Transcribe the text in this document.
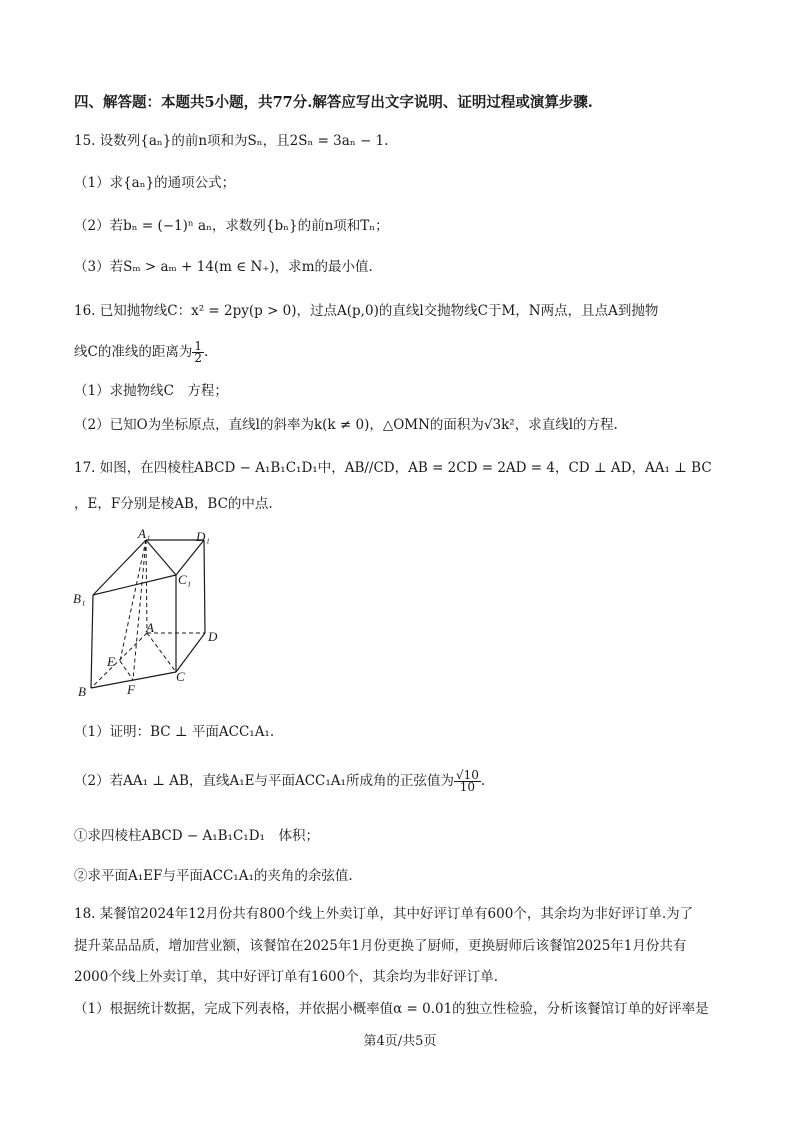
四、解答题：本题共5小题，共77分.解答应写出文字说明、证明过程或演算步骤.
15. 设数列{aₙ}的前n项和为Sₙ，且2Sₙ = 3aₙ − 1.
（1）求{aₙ}的通项公式；
（2）若bₙ = (−1)ⁿ aₙ，求数列{bₙ}的前n项和Tₙ；
（3）若Sₘ > aₘ + 14(m ∈ N₊)，求m的最小值.
16. 已知抛物线C：x² = 2py(p > 0)，过点A(p,0)的直线l交抛物线C于M，N两点，且点A到抛物
线C的准线的距离为 $\frac{1}{2}$ .
（1）求抛物线C　方程；
（2）已知O为坐标原点，直线l的斜率为k(k ≠ 0)，△OMN的面积为√3k²，求直线l的方程.
17. 如图，在四棱柱ABCD − A₁B₁C₁D₁中，AB//CD，AB = 2CD = 2AD = 4，CD ⊥ AD，AA₁ ⊥ BC
，E，F分别是棱AB，BC的中点.
A₁	D₁
C₁
B₁
A
D
E
C
B	F
（1）证明：BC ⊥ 平面ACC₁A₁.
（2）若AA₁ ⊥ AB，直线A₁E与平面ACC₁A₁所成角的正弦值为 $\frac{√10}{10}$ .
①求四棱柱ABCD − A₁B₁C₁D₁　体积；
②求平面A₁EF与平面ACC₁A₁的夹角的余弦值.
18. 某餐馆2024年12月份共有800个线上外卖订单，其中好评订单有600个，其余均为非好评订单.为了
提升菜品品质，增加营业额，该餐馆在2025年1月份更换了厨师，更换厨师后该餐馆2025年1月份共有
2000个线上外卖订单，其中好评订单有1600个，其余均为非好评订单.
（1）根据统计数据，完成下列表格，并依据小概率值α = 0.01的独立性检验，分析该餐馆订单的好评率是
第4页/共5页
